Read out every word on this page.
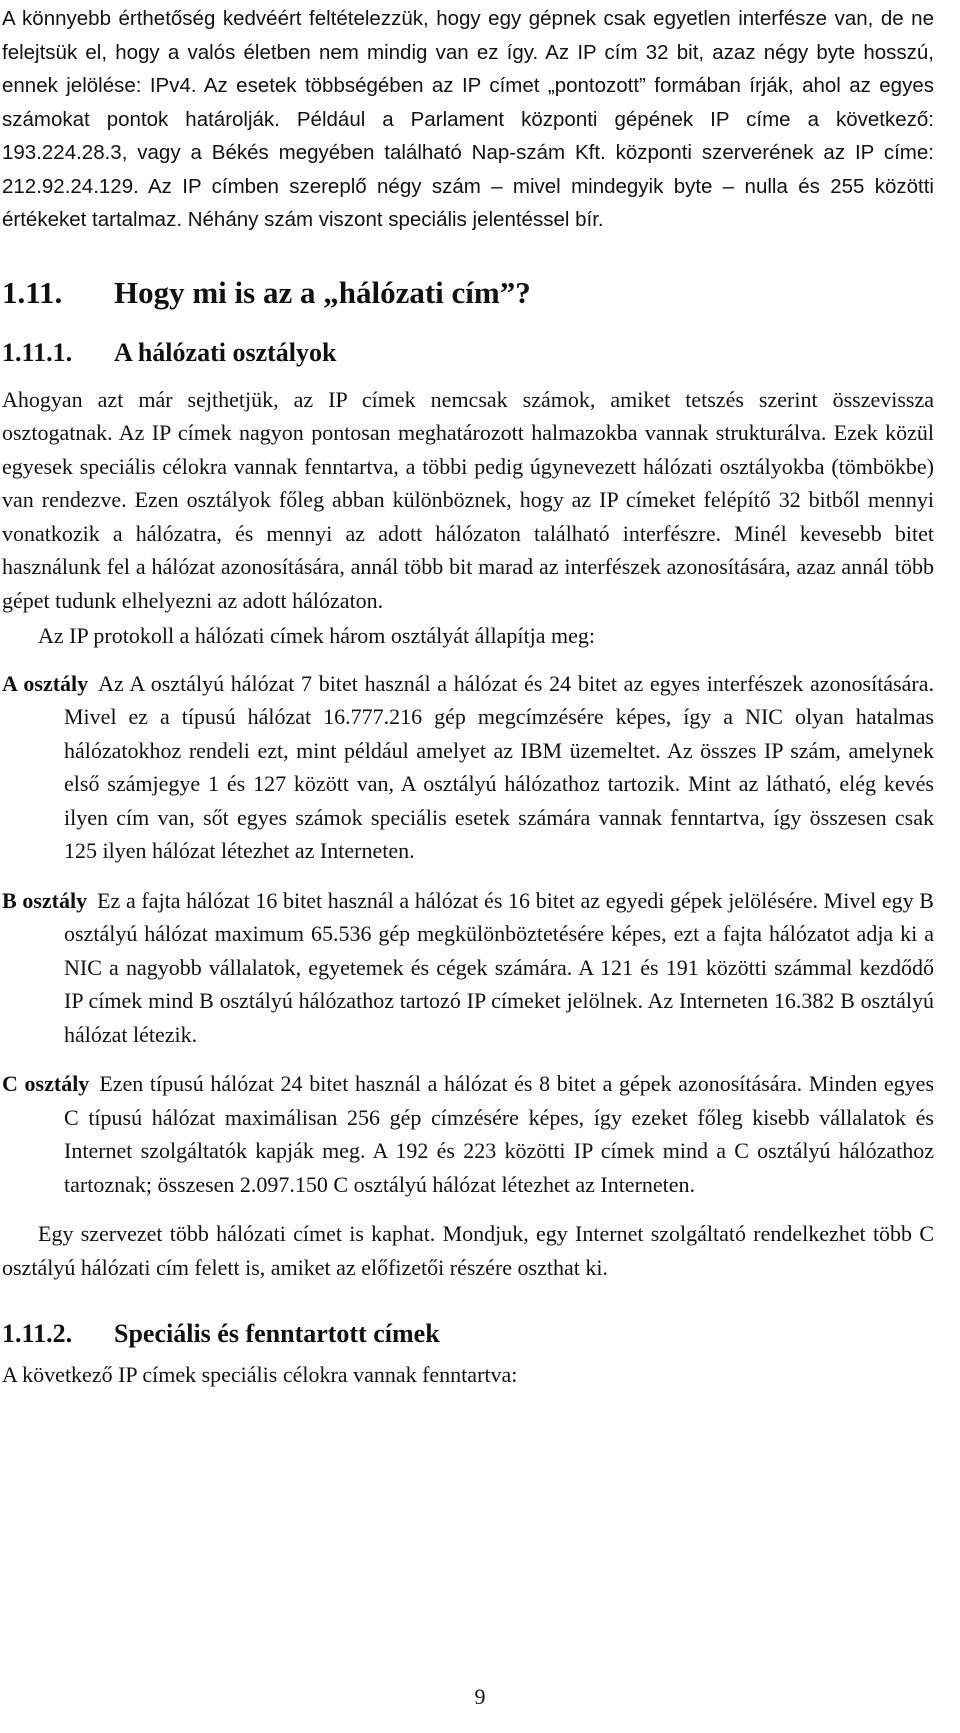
A könnyebb érthetőség kedvéért feltételezzük, hogy egy gépnek csak egyetlen interfésze van, de ne felejtsük el, hogy a valós életben nem mindig van ez így. Az IP cím 32 bit, azaz négy byte hosszú, ennek jelölése: IPv4. Az esetek többségében az IP címet „pontozott” formában írják, ahol az egyes számokat pontok határolják. Például a Parlament központi gépének IP címe a következő: 193.224.28.3, vagy a Békés megyében található Nap-szám Kft. központi szerverének az IP címe: 212.92.24.129. Az IP címben szereplő négy szám – mivel mindegyik byte – nulla és 255 közötti értékeket tartalmaz. Néhány szám viszont speciális jelentéssel bír.

1.11.	Hogy mi is az a „hálózati cím”?
1.11.1.	A hálózati osztályok

Ahogyan azt már sejthetjük, az IP címek nemcsak számok, amiket tetszés szerint összevissza osztogatnak. Az IP címek nagyon pontosan meghatározott halmazokba vannak strukturálva. Ezek közül egyesek speciális célokra vannak fenntartva, a többi pedig úgynevezett hálózati osztályokba (tömbökbe) van rendezve. Ezen osztályok főleg abban különböznek, hogy az IP címeket felépítő 32 bitből mennyi vonatkozik a hálózatra, és mennyi az adott hálózaton található interfészre. Minél kevesebb bitet használunk fel a hálózat azonosítására, annál több bit marad az interfészek azonosítására, azaz annál több gépet tudunk elhelyezni az adott hálózaton.

Az IP protokoll a hálózati címek három osztályát állapítja meg:

A osztály Az A osztályú hálózat 7 bitet használ a hálózat és 24 bitet az egyes interfészek azonosítására. Mivel ez a típusú hálózat 16.777.216 gép megcímzésére képes, így a NIC olyan hatalmas hálózatokhoz rendeli ezt, mint például amelyet az IBM üzemeltet. Az összes IP szám, amelynek első számjegye 1 és 127 között van, A osztályú hálózathoz tartozik. Mint az látható, elég kevés ilyen cím van, sőt egyes számok speciális esetek számára vannak fenntartva, így összesen csak 125 ilyen hálózat létezhet az Interneten.

B osztály Ez a fajta hálózat 16 bitet használ a hálózat és 16 bitet az egyedi gépek jelölésére. Mivel egy B osztályú hálózat maximum 65.536 gép megkülönböztetésére képes, ezt a fajta hálózatot adja ki a NIC a nagyobb vállalatok, egyetemek és cégek számára. A 121 és 191 közötti számmal kezdődő IP címek mind B osztályú hálózathoz tartozó IP címeket jelölnek. Az Interneten 16.382 B osztályú hálózat létezik.

C osztály Ezen típusú hálózat 24 bitet használ a hálózat és 8 bitet a gépek azonosítására. Minden egyes C típusú hálózat maximálisan 256 gép címzésére képes, így ezeket főleg kisebb vállalatok és Internet szolgáltatók kapják meg. A 192 és 223 közötti IP címek mind a C osztályú hálózathoz tartoznak; összesen 2.097.150 C osztályú hálózat létezhet az Interneten.

Egy szervezet több hálózati címet is kaphat. Mondjuk, egy Internet szolgáltató rendelkezhet több C osztályú hálózati cím felett is, amiket az előfizetői részére oszthat ki.

1.11.2.	Speciális és fenntartott címek

A következő IP címek speciális célokra vannak fenntartva:

9
